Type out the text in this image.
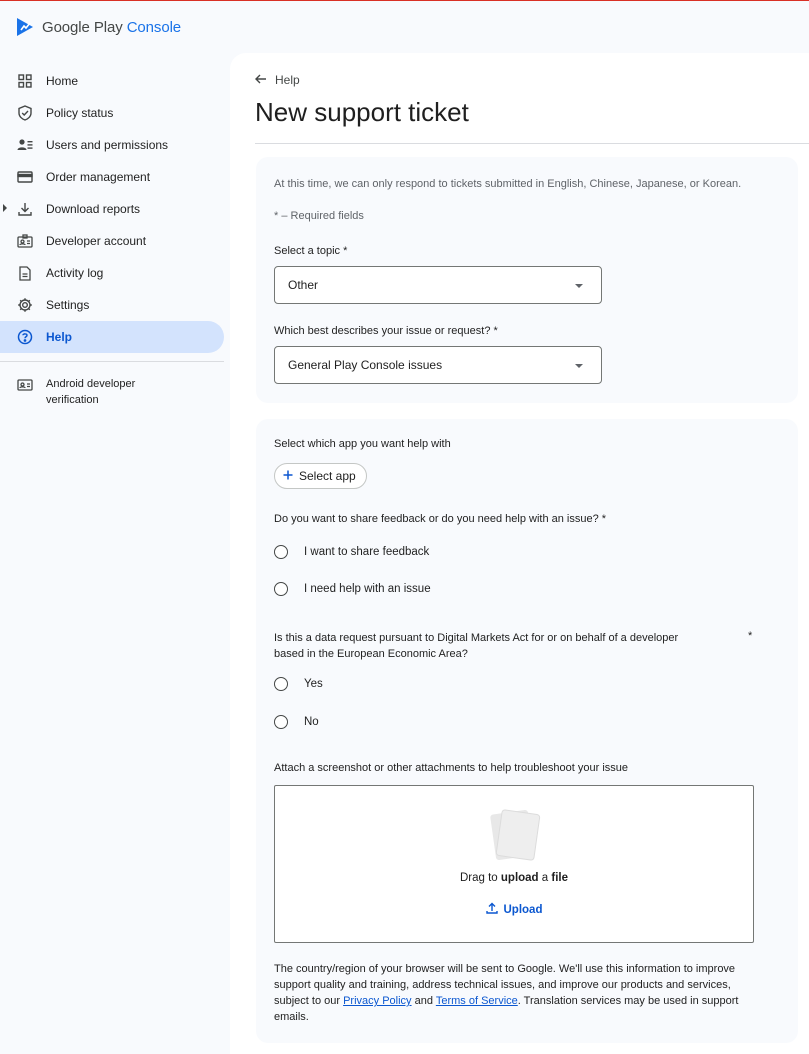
Google Play Console
Home
Policy status
Users and permissions
Order management
Download reports
Developer account
Activity log
Settings
Help
Android developer
verification
Help
New support ticket
At this time, we can only respond to tickets submitted in English, Chinese, Japanese, or Korean.
* – Required fields
Select a topic *
Other
Which best describes your issue or request? *
General Play Console issues
Select which app you want help with
Select app
Do you want to share feedback or do you need help with an issue? *
I want to share feedback
I need help with an issue
Is this a data request pursuant to Digital Markets Act for or on behalf of a developer
based in the European Economic Area?
*
Yes
No
Attach a screenshot or other attachments to help troubleshoot your issue
Drag to upload a file
Upload

The country/region of your browser will be sent to Google. We'll use this information to improve support quality and training, address technical issues, and improve our products and services, subject to our Privacy Policy and Terms of Service. Translation services may be used in support emails.
